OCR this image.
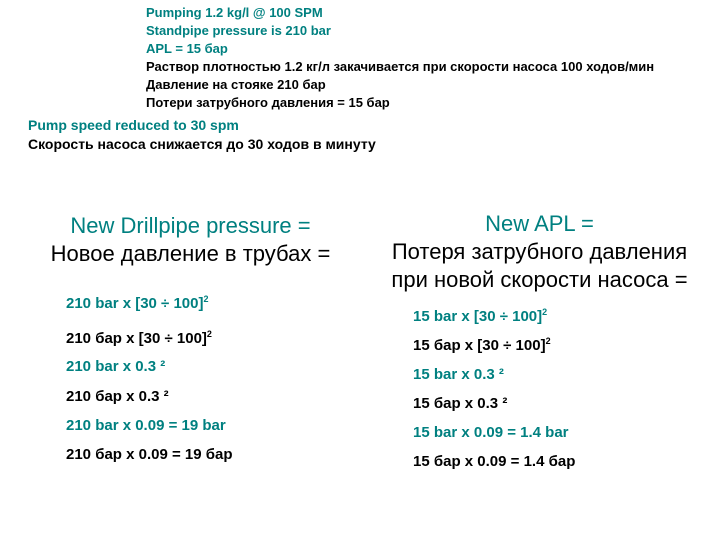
Pumping 1.2 kg/l @ 100 SPM
Standpipe pressure is 210 bar
APL = 15 бар
Раствор плотностью 1.2 кг/л закачивается при скорости насоса 100 ходов/мин
Давление на стояке 210 бар
Потери затрубного давления = 15 бар
Pump speed reduced to 30 spm
Скорость насоса снижается до 30 ходов в минуту
New Drillpipe pressure =
Новое давление в трубах =
New APL =
Потеря затрубного давления
при новой скорости насоса =
210 bar x $[30 \div 100]^2$
210 бар x $[30 \div 100]^2$
210 bar x 0.3 ²
210 бар x 0.3 ²
210 bar x 0.09 = 19 bar
210 бар x 0.09 = 19 бар
15 bar x $[30 \div 100]^2$
15 бар x $[30 \div 100]^2$
15 bar x 0.3 ²
15 бар x 0.3 ²
15 bar x 0.09 = 1.4 bar
15 бар x 0.09 = 1.4 бар
